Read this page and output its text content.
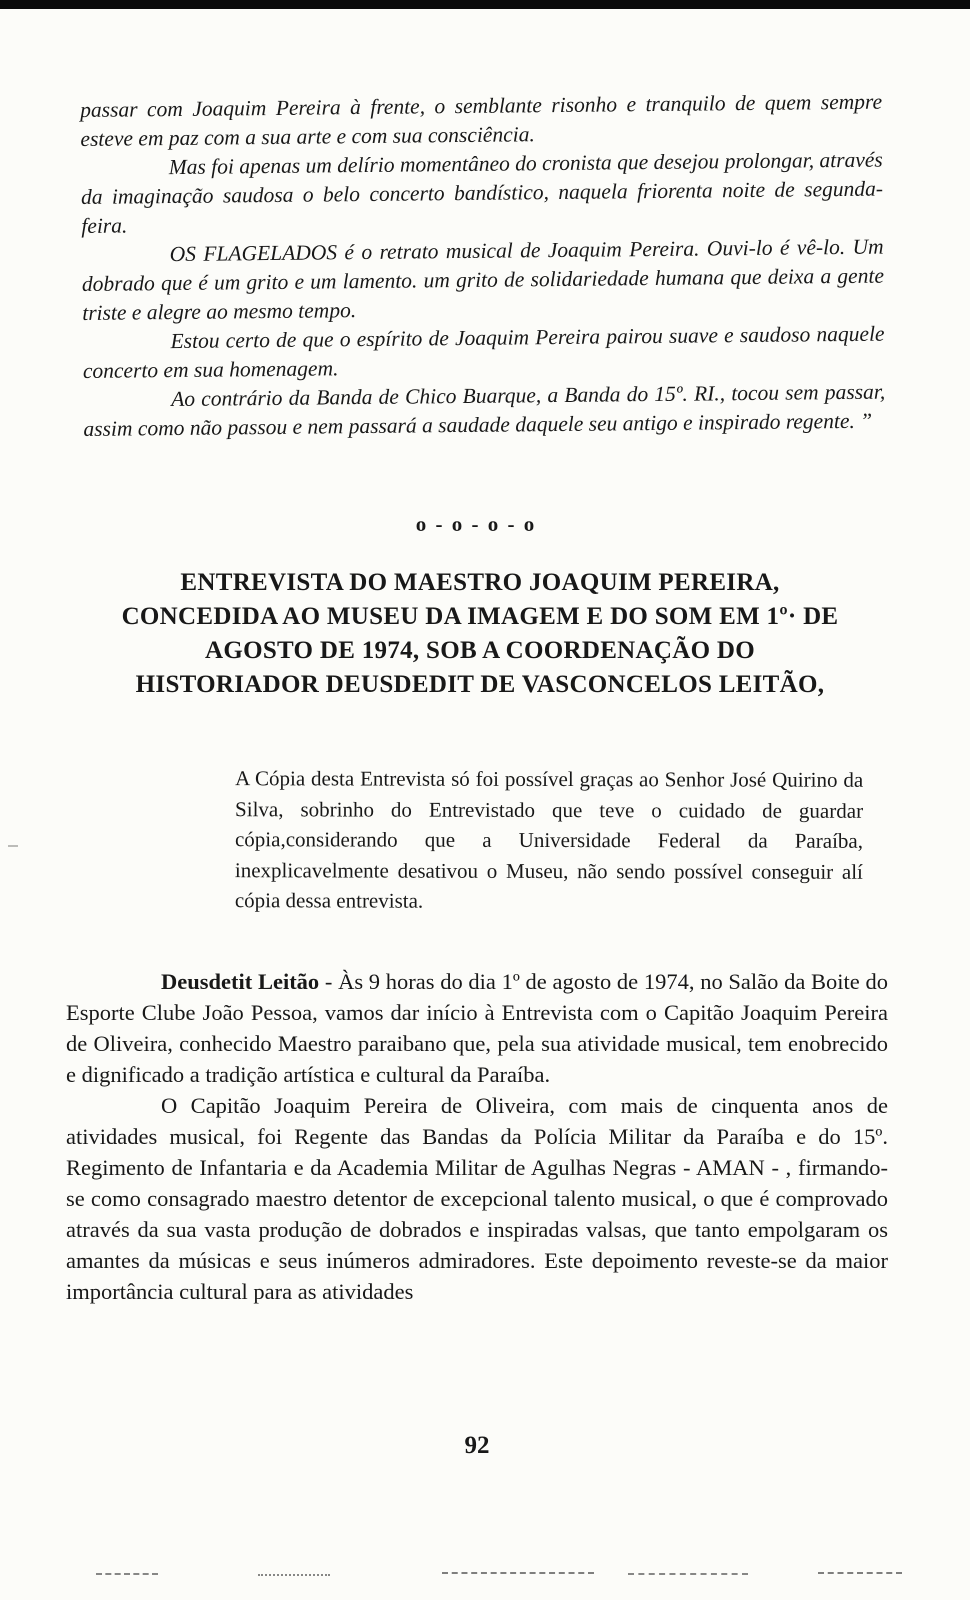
passar com Joaquim Pereira à frente, o semblante risonho e tranquilo de quem sempre esteve em paz com a sua arte e com sua consciência.

Mas foi apenas um delírio momentâneo do cronista que desejou prolongar, através da imaginação saudosa o belo concerto bandístico, naquela friorenta noite de segunda-feira.

OS FLAGELADOS é o retrato musical de Joaquim Pereira. Ouvi-lo é vê-lo. Um dobrado que é um grito e um lamento. um grito de solidariedade humana que deixa a gente triste e alegre ao mesmo tempo.

Estou certo de que o espírito de Joaquim Pereira pairou suave e saudoso naquele concerto em sua homenagem.

Ao contrário da Banda de Chico Buarque, a Banda do 15º. RI., tocou sem passar, assim como não passou e nem passará a saudade daquele seu antigo e inspirado regente. ”

o - o - o - o
ENTREVISTA DO MAESTRO JOAQUIM PEREIRA,
CONCEDIDA AO MUSEU DA IMAGEM E DO SOM EM 1º· DE
AGOSTO DE 1974, SOB A COORDENAÇÃO DO
HISTORIADOR DEUSDEDIT DE VASCONCELOS LEITÃO,

A Cópia desta Entrevista só foi possível graças ao Senhor José Quirino da Silva, sobrinho do Entrevistado que teve o cuidado de guardar cópia,considerando que a Universidade Federal da Paraíba, inexplicavelmente desativou o Museu, não sendo possível conseguir alí cópia dessa entrevista.

Deusdetit Leitão - Às 9 horas do dia 1º de agosto de 1974, no Salão da Boite do Esporte Clube João Pessoa, vamos dar início à Entrevista com o Capitão Joaquim Pereira de Oliveira, conhecido Maestro paraibano que, pela sua atividade musical, tem enobrecido e dignificado a tradição artística e cultural da Paraíba.

O Capitão Joaquim Pereira de Oliveira, com mais de cinquenta anos de atividades musical, foi Regente das Bandas da Polícia Militar da Paraíba e do 15º. Regimento de Infantaria e da Academia Militar de Agulhas Negras - AMAN - , firmando-se como consagrado maestro detentor de excepcional talento musical, o que é comprovado através da sua vasta produção de dobrados e inspiradas valsas, que tanto empolgaram os amantes da músicas e seus inúmeros admiradores. Este depoimento reveste-se da maior importância cultural para as atividades

92
